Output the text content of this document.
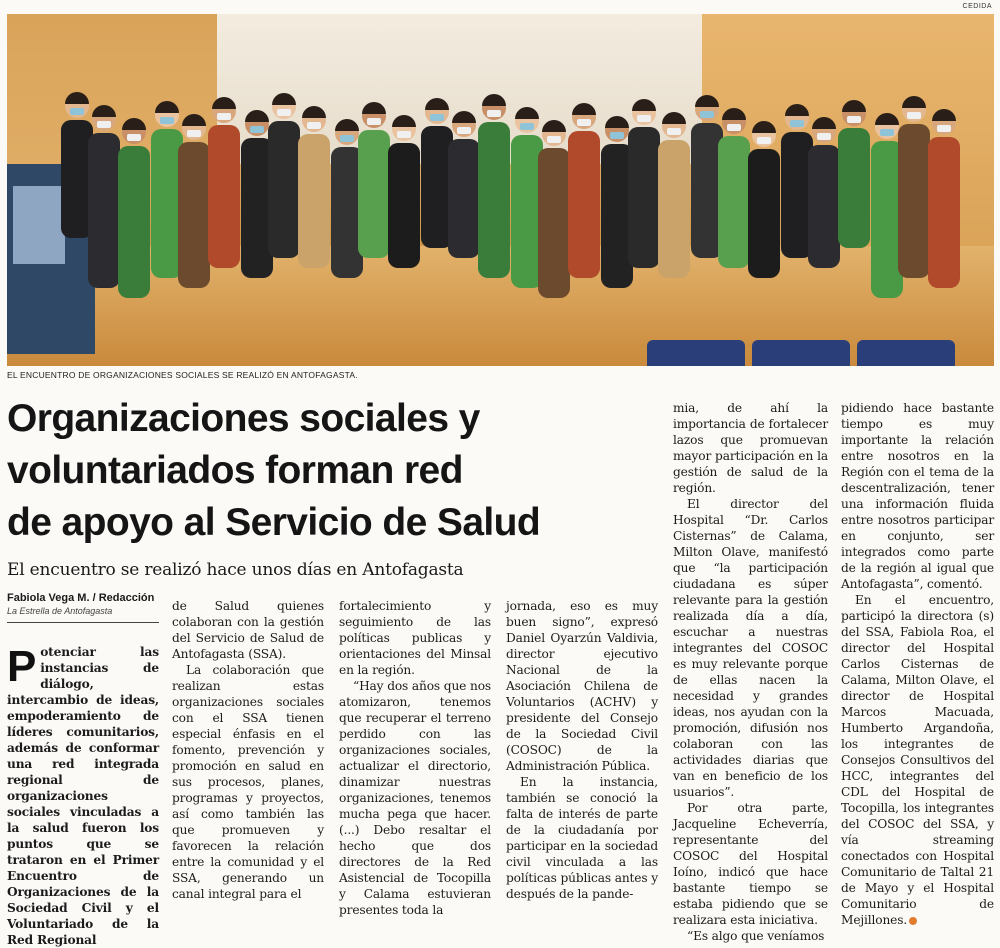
CEDIDA
EL ENCUENTRO DE ORGANIZACIONES SOCIALES SE REALIZÓ EN ANTOFAGASTA.
Organizaciones sociales y
voluntariados forman red
de apoyo al Servicio de Salud
El encuentro se realizó hace unos días en Antofagasta
Fabiola Vega M. / Redacción
La Estrella de Antofagasta

Potenciar las instancias de diálogo, intercambio de ideas, empoderamiento de líderes comunitarios, además de conformar una red integrada regional de organizaciones sociales vinculadas a la salud fueron los puntos que se trataron en el Primer Encuentro de Organizaciones de la Sociedad Civil y el Voluntariado de la Red Regional

de Salud quienes colaboran con la gestión del Servicio de Salud de Antofagasta (SSA).

La colaboración que realizan estas organizaciones sociales con el SSA tienen especial énfasis en el fomento, prevención y promoción en salud en sus procesos, planes, programas y proyectos, así como también las que promueven y favorecen la relación entre la comunidad y el SSA, generando un canal integral para el

fortalecimiento y seguimiento de las políticas publicas y orientaciones del Minsal en la región.

“Hay dos años que nos atomizaron, tenemos que recuperar el terreno perdido con las organizaciones sociales, actualizar el directorio, dinamizar nuestras organizaciones, tenemos mucha pega que hacer. (...) Debo resaltar el hecho que dos directores de la Red Asistencial de Tocopilla y Calama estuvieran presentes toda la

jornada, eso es muy buen signo”, expresó Daniel Oyarzún Valdivia, director ejecutivo Nacional de la Asociación Chilena de Voluntarios (ACHV) y presidente del Consejo de la Sociedad Civil (COSOC) de la Administración Pública.

En la instancia, también se conoció la falta de interés de parte de la ciudadanía por participar en la sociedad civil vinculada a las políticas públicas antes y después de la pande-

mia, de ahí la importancia de fortalecer lazos que promuevan mayor participación en la gestión de salud de la región.

El director del Hospital “Dr. Carlos Cisternas” de Calama, Milton Olave, manifestó que “la participación ciudadana es súper relevante para la gestión realizada día a día, escuchar a nuestras integrantes del COSOC es muy relevante porque de ellas nacen la necesidad y grandes ideas, nos ayudan con la promoción, difusión nos colaboran con las actividades diarias que van en beneficio de los usuarios”.

Por otra parte, Jacqueline Echeverría, representante del COSOC del Hospital Ioíno, indicó que hace bastante tiempo se estaba pidiendo que se realizara esta iniciativa.

“Es algo que veníamos

pidiendo hace bastante tiempo es muy importante la relación entre nosotros en la Región con el tema de la descentralización, tener una información fluida entre nosotros participar en conjunto, ser integrados como parte de la región al igual que Antofagasta”, comentó.

En el encuentro, participó la directora (s) del SSA, Fabiola Roa, el director del Hospital Carlos Cisternas de Calama, Milton Olave, el director de Hospital Marcos Macuada, Humberto Argandoña, los integrantes de Consejos Consultivos del HCC, integrantes del CDL del Hospital de Tocopilla, los integrantes del COSOC del SSA, y vía streaming conectados con Hospital Comunitario de Taltal 21 de Mayo y el Hospital Comunitario de Mejillones.
